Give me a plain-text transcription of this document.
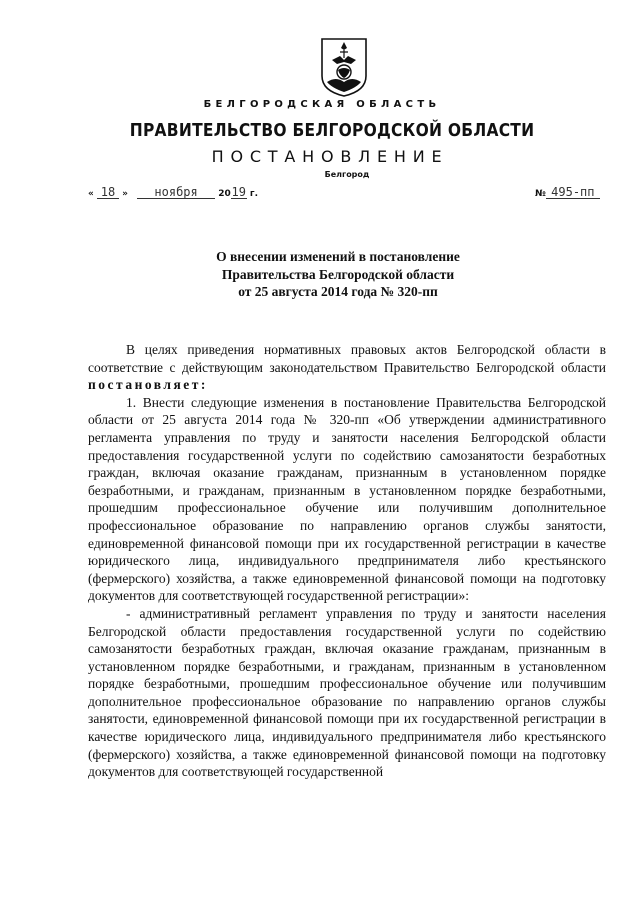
БЕЛГОРОДСКАЯ ОБЛАСТЬ
ПРАВИТЕЛЬСТВО БЕЛГОРОДСКОЙ ОБЛАСТИ
ПОСТАНОВЛЕНИЕ
Белгород
« 18 » ноября 2019 г.	№ 495-пп
О внесении изменений в постановление
Правительства Белгородской области
от 25 августа 2014 года № 320-пп

В целях приведения нормативных правовых актов Белгородской области в соответствие с действующим законодательством Правительство Белгородской области постановляет:

1. Внести следующие изменения в постановление Правительства Белгородской области от 25 августа 2014 года № 320-пп «Об утверждении административного регламента управления по труду и занятости населения Белгородской области предоставления государственной услуги по содействию самозанятости безработных граждан, включая оказание гражданам, признанным в установленном порядке безработными, и гражданам, признанным в установленном порядке безработными, прошедшим профессиональное обучение или получившим дополнительное профессиональное образование по направлению органов службы занятости, единовременной финансовой помощи при их государственной регистрации в качестве юридического лица, индивидуального предпринимателя либо крестьянского (фермерского) хозяйства, а также единовременной финансовой помощи на подготовку документов для соответствующей государственной регистрации»:

- административный регламент управления по труду и занятости населения Белгородской области предоставления государственной услуги по содействию самозанятости безработных граждан, включая оказание гражданам, признанным в установленном порядке безработными, и гражданам, признанным в установленном порядке безработными, прошедшим профессиональное обучение или получившим дополнительное профессиональное образование по направлению органов службы занятости, единовременной финансовой помощи при их государственной регистрации в качестве юридического лица, индивидуального предпринимателя либо крестьянского (фермерского) хозяйства, а также единовременной финансовой помощи на подготовку документов для соответствующей государственной
